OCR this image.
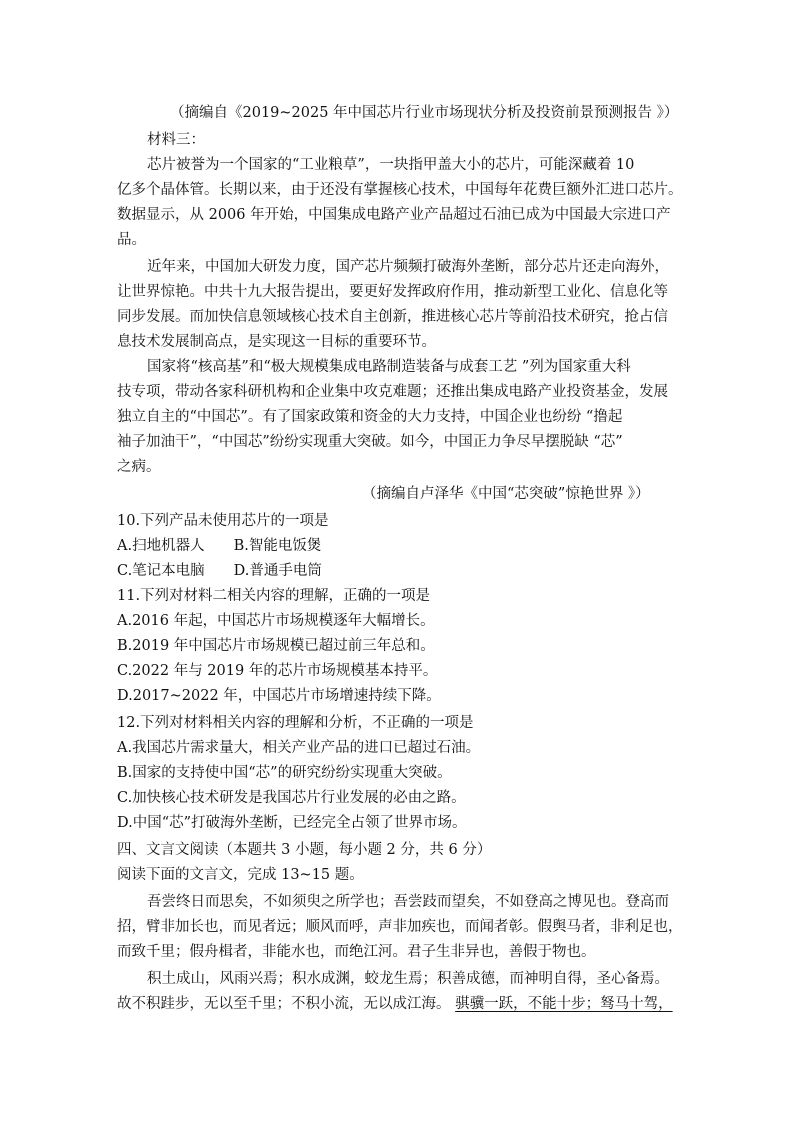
（摘编自《2019~2025 年中国芯片行业市场现状分析及投资前景预测报告 》）
材料三：
芯片被誉为一个国家的“工业粮草”，一块指甲盖大小的芯片，可能深藏着 10
亿多个晶体管。长期以来，由于还没有掌握核心技术，中国每年花费巨额外汇进口芯片。
数据显示，从 2006 年开始，中国集成电路产业产品超过石油已成为中国最大宗进口产
品。
近年来，中国加大研发力度，国产芯片频频打破海外垄断，部分芯片还走向海外，
让世界惊艳。中共十九大报告提出，要更好发挥政府作用，推动新型工业化、信息化等
同步发展。而加快信息领域核心技术自主创新，推进核心芯片等前沿技术研究，抢占信
息技术发展制高点，是实现这一目标的重要环节。
国家将“核高基”和“极大规模集成电路制造装备与成套工艺 ”列为国家重大科
技专项，带动各家科研机构和企业集中攻克难题；还推出集成电路产业投资基金，发展
独立自主的“中国芯”。有了国家政策和资金的大力支持，中国企业也纷纷 “撸起
袖子加油干”，“中国芯”纷纷实现重大突破。如今，中国正力争尽早摆脱缺 “芯”
之病。
（摘编自卢泽华《中国“芯突破”惊艳世界 》）
10.下列产品未使用芯片的一项是
A.扫地机器人　　B.智能电饭煲
C.笔记本电脑　　D.普通手电筒
11.下列对材料二相关内容的理解，正确的一项是
A.2016 年起，中国芯片市场规模逐年大幅增长。
B.2019 年中国芯片市场规模已超过前三年总和。
C.2022 年与 2019 年的芯片市场规模基本持平。
D.2017~2022 年，中国芯片市场增速持续下降。
12.下列对材料相关内容的理解和分析，不正确的一项是
A.我国芯片需求量大，相关产业产品的进口已超过石油。
B.国家的支持使中国“芯”的研究纷纷实现重大突破。
C.加快核心技术研发是我国芯片行业发展的必由之路。
D.中国“芯”打破海外垄断，已经完全占领了世界市场。
四、文言文阅读（本题共 3 小题，每小题 2 分，共 6 分）
阅读下面的文言文，完成 13~15 题。
吾尝终日而思矣，不如须臾之所学也；吾尝跂而望矣，不如登高之博见也。登高而
招，臂非加长也，而见者远；顺风而呼，声非加疾也，而闻者彰。假舆马者，非利足也，
而致千里；假舟楫者，非能水也，而绝江河。君子生非异也，善假于物也。
积土成山，风雨兴焉；积水成渊，蛟龙生焉；积善成德，而神明自得，圣心备焉。
故不积跬步，无以至千里；不积小流，无以成江海。 骐骥一跃，不能十步；驽马十驾，
